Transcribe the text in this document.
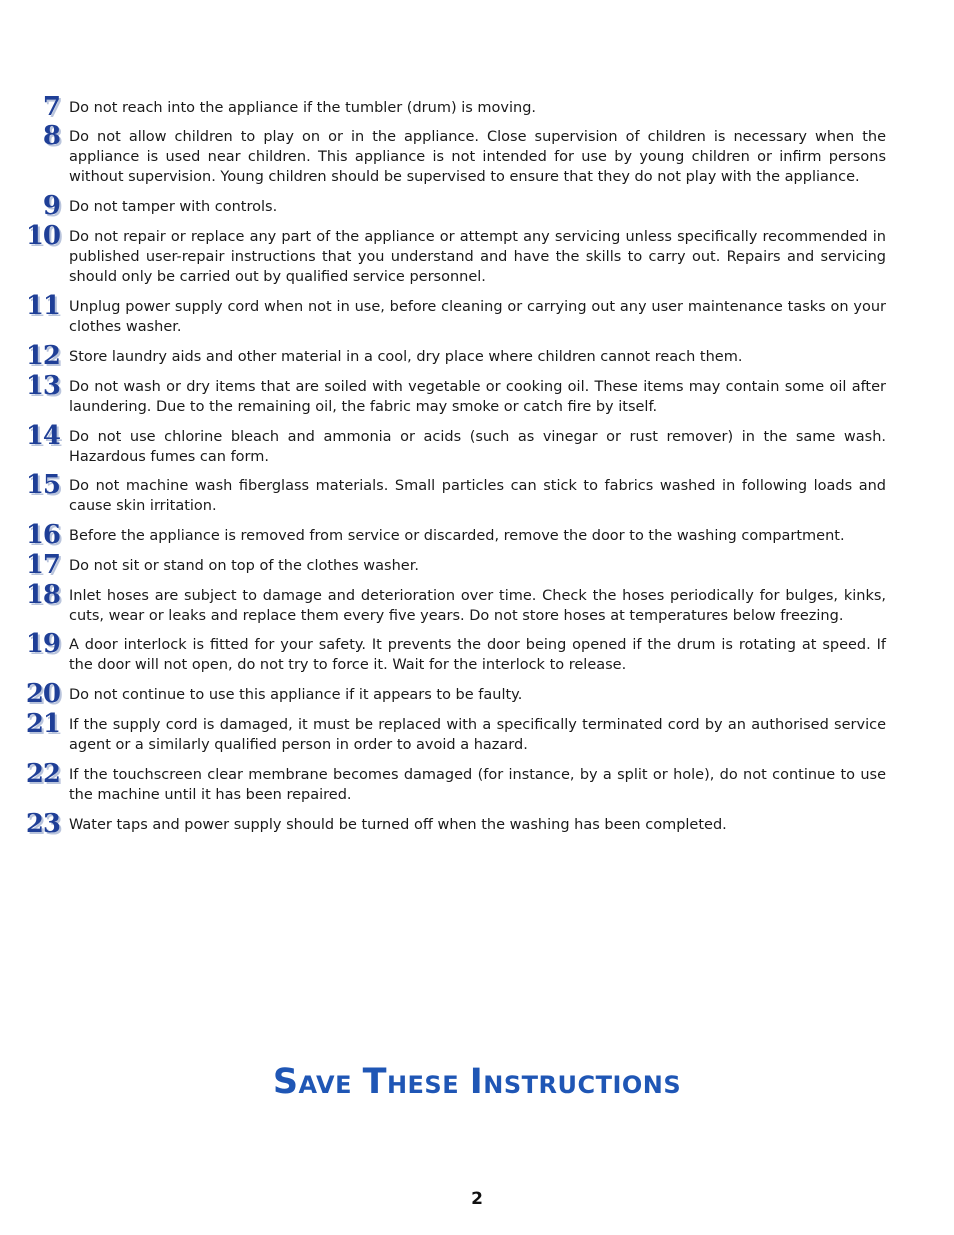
7 Do not reach into the appliance if the tumbler (drum) is moving.
8 Do not allow children to play on or in the appliance. Close supervision of children is necessary when the appliance is used near children. This appliance is not intended for use by young children or infirm persons without supervision. Young children should be supervised to ensure that they do not play with the appliance.
9 Do not tamper with controls.
10 Do not repair or replace any part of the appliance or attempt any servicing unless specifically recommended in published user-repair instructions that you understand and have the skills to carry out. Repairs and servicing should only be carried out by qualified service personnel.
11 Unplug power supply cord when not in use, before cleaning or carrying out any user maintenance tasks on your clothes washer.
12 Store laundry aids and other material in a cool, dry place where children cannot reach them.
13 Do not wash or dry items that are soiled with vegetable or cooking oil. These items may contain some oil after laundering. Due to the remaining oil, the fabric may smoke or catch fire by itself.
14 Do not use chlorine bleach and ammonia or acids (such as vinegar or rust remover) in the same wash. Hazardous fumes can form.
15 Do not machine wash fiberglass materials. Small particles can stick to fabrics washed in following loads and cause skin irritation.
16 Before the appliance is removed from service or discarded, remove the door to the washing compartment.
17 Do not sit or stand on top of the clothes washer.
18 Inlet hoses are subject to damage and deterioration over time. Check the hoses periodically for bulges, kinks, cuts, wear or leaks and replace them every five years. Do not store hoses at temperatures below freezing.
19 A door interlock is fitted for your safety. It prevents the door being opened if the drum is rotating at speed. If the door will not open, do not try to force it. Wait for the interlock to release.
20 Do not continue to use this appliance if it appears to be faulty.
21 If the supply cord is damaged, it must be replaced with a specifically terminated cord by an authorised service agent or a similarly qualified person in order to avoid a hazard.
22 If the touchscreen clear membrane becomes damaged (for instance, by a split or hole), do not continue to use the machine until it has been repaired.
23 Water taps and power supply should be turned off when the washing has been completed.
SAVE THESE INSTRUCTIONS
2
